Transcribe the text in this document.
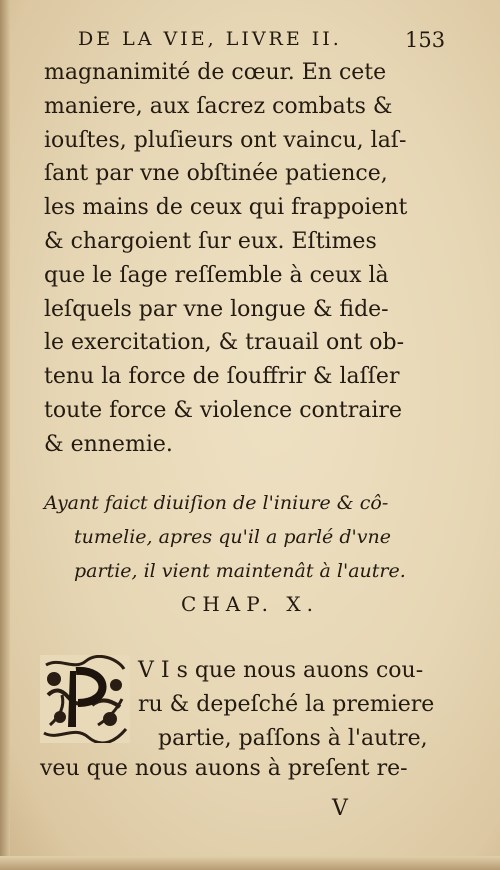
DE LA VIE, LIVRE II.	153
magnanimité de cœur. En cete
maniere, aux ſacrez combats &
iouſtes, pluſieurs ont vaincu, laſ-
ſant par vne obſtinée patience,
les mains de ceux qui frappoient
& chargoient ſur eux. Eſtimes
que le ſage reſſemble à ceux là
leſquels par vne longue & fide-
le exercitation, & trauail ont ob-
tenu la force de ſouffrir & laſſer
toute force & violence contraire
& ennemie.
Ayant faict diuiſion de l'iniure & cô-
tumelie, apres qu'il a parlé d'vne
partie, il vient maintenât à l'autre.
CHAP. X.
V I s que nous auons cou-
ru & depeſché la premiere
partie, paſſons à l'autre,
veu que nous auons à preſent re-
V
